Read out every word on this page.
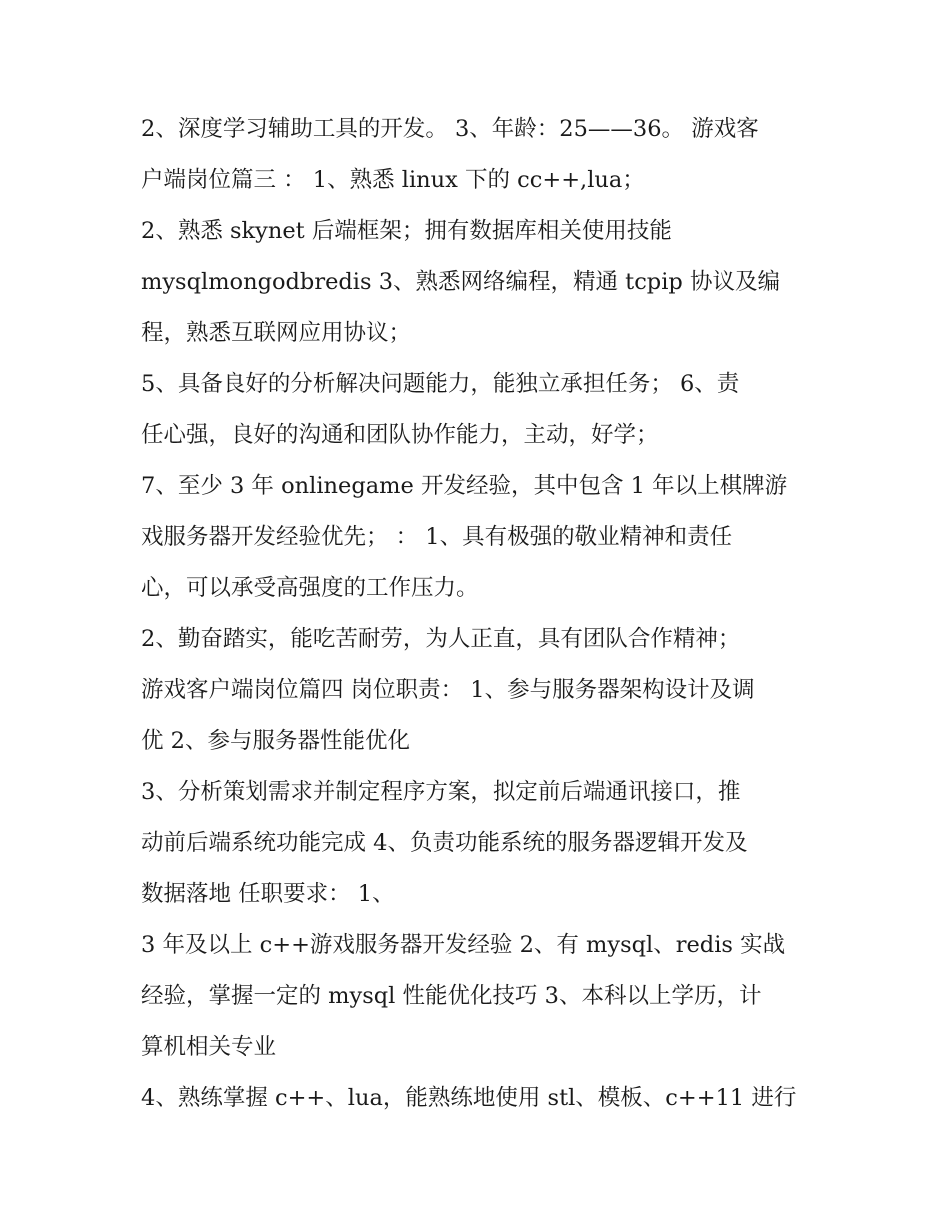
2、深度学习辅助工具的开发。 3、年龄：25——36。 游戏客
户端岗位篇三 ： 1、熟悉 linux 下的 cc++,lua；
2、熟悉 skynet 后端框架；拥有数据库相关使用技能
mysqlmongodbredis 3、熟悉网络编程，精通 tcpip 协议及编
程，熟悉互联网应用协议；
5、具备良好的分析解决问题能力，能独立承担任务； 6、责
任心强，良好的沟通和团队协作能力，主动，好学；
7、至少 3 年 onlinegame 开发经验，其中包含 1 年以上棋牌游
戏服务器开发经验优先； ： 1、具有极强的敬业精神和责任
心，可以承受高强度的工作压力。
2、勤奋踏实，能吃苦耐劳，为人正直，具有团队合作精神；
游戏客户端岗位篇四 岗位职责： 1、参与服务器架构设计及调
优 2、参与服务器性能优化
3、分析策划需求并制定程序方案，拟定前后端通讯接口，推
动前后端系统功能完成 4、负责功能系统的服务器逻辑开发及
数据落地 任职要求： 1、
3 年及以上 c++游戏服务器开发经验 2、有 mysql、redis 实战
经验，掌握一定的 mysql 性能优化技巧 3、本科以上学历，计
算机相关专业
4、熟练掌握 c++、lua，能熟练地使用 stl、模板、c++11 进行
